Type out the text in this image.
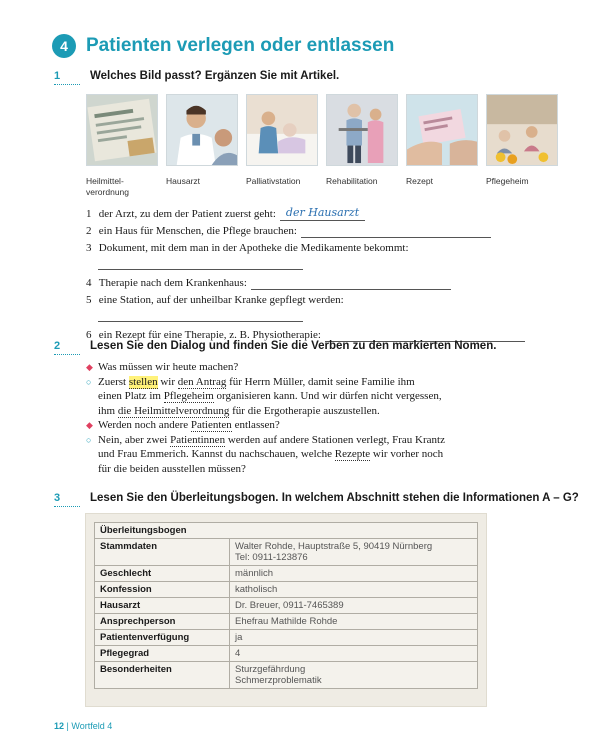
4 Patienten verlegen oder entlassen
1	Welches Bild passt? Ergänzen Sie mit Artikel.
Heilmittel-
verordnung
Hausarzt	Palliativstation	Rehabilitation	Rezept	Pflegeheim
1
der Arzt, zu dem der Patient zuerst geht: der Hausarzt
2
ein Haus für Menschen, die Pflege brauchen:
3
Dokument, mit dem man in der Apotheke die Medikamente bekommt:
4
Therapie nach dem Krankenhaus:
5
eine Station, auf der unheilbar Kranke gepflegt werden:
6
ein Rezept für eine Therapie, z. B. Physiotherapie:
2	Lesen Sie den Dialog und finden Sie die Verben zu den markierten Nomen.
◆ Was müssen wir heute machen?
○ Zuerst stellen wir den Antrag für Herrn Müller, damit seine Familie ihm
einen Platz im Pflegeheim organisieren kann. Und wir dürfen nicht vergessen,
ihm die Heilmittelverordnung für die Ergotherapie auszustellen.
◆ Werden noch andere Patienten entlassen?
○ Nein, aber zwei Patientinnen werden auf andere Stationen verlegt, Frau Krantz
und Frau Emmerich. Kannst du nachschauen, welche Rezepte wir vorher noch
für die beiden ausstellen müssen?
3	Lesen Sie den Überleitungsbogen. In welchem Abschnitt stehen die Informationen A – G?
Überleitungsbogen	
Stammdaten	Walter Rohde, Hauptstraße 5, 90419 Nürnberg
Tel: 0911-123876
Geschlecht	männlich
Konfession	katholisch
Hausarzt	Dr. Breuer, 0911-7465389
Ansprechperson	Ehefrau Mathilde Rohde
Patientenverfügung	ja
Pflegegrad	4
Besonderheiten	Sturzgefährdung
Schmerzproblematik
12 | Wortfeld 4
